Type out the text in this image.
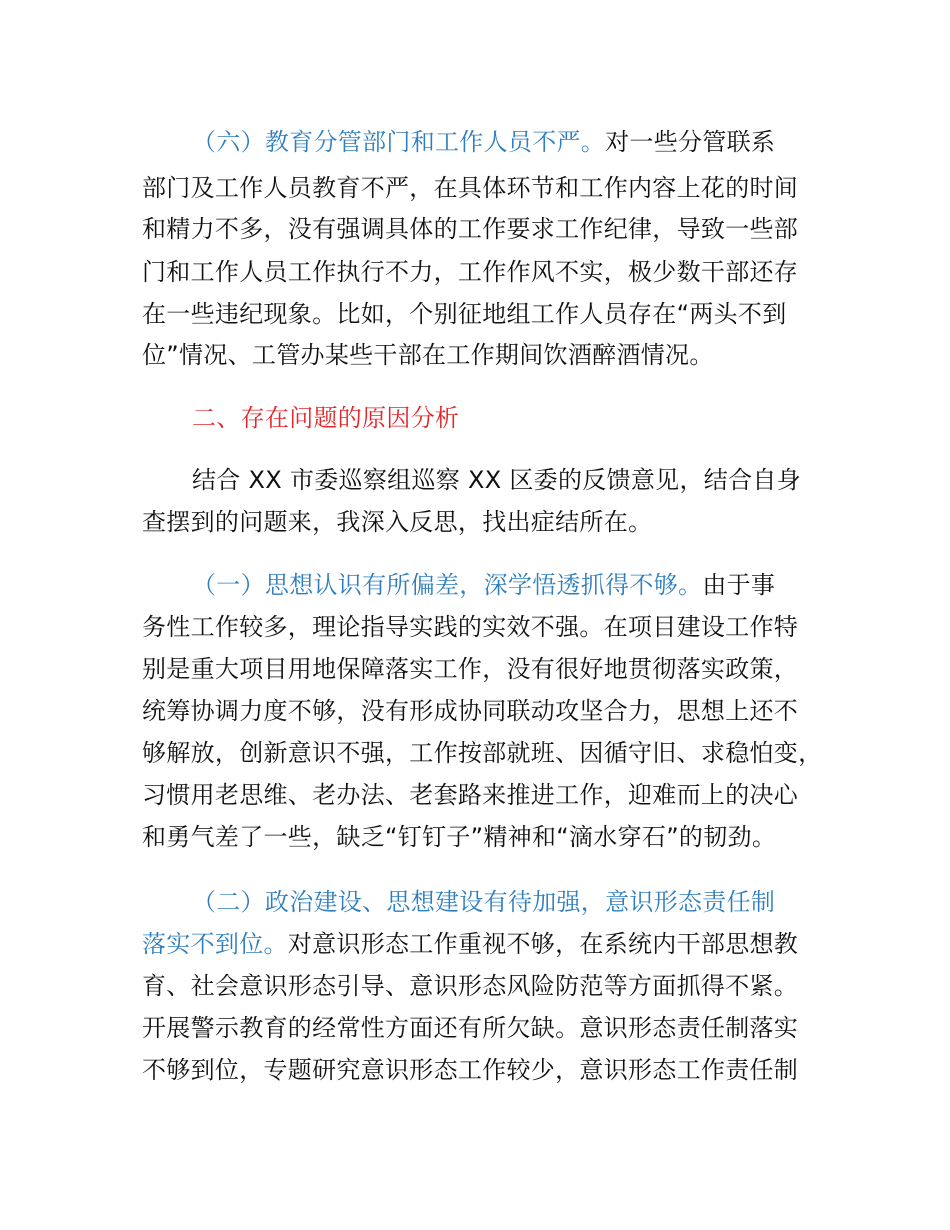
（六）教育分管部门和工作人员不严。对一些分管联系
部门及工作人员教育不严，在具体环节和工作内容上花的时间
和精力不多，没有强调具体的工作要求工作纪律，导致一些部
门和工作人员工作执行不力，工作作风不实，极少数干部还存
在一些违纪现象。比如，个别征地组工作人员存在“两头不到
位”情况、工管办某些干部在工作期间饮酒醉酒情况。
二、存在问题的原因分析
结合 XX 市委巡察组巡察 XX 区委的反馈意见，结合自身
查摆到的问题来，我深入反思，找出症结所在。
（一）思想认识有所偏差，深学悟透抓得不够。由于事
务性工作较多，理论指导实践的实效不强。在项目建设工作特
别是重大项目用地保障落实工作，没有很好地贯彻落实政策，
统筹协调力度不够，没有形成协同联动攻坚合力，思想上还不
够解放，创新意识不强，工作按部就班、因循守旧、求稳怕变，
习惯用老思维、老办法、老套路来推进工作，迎难而上的决心
和勇气差了一些，缺乏“钉钉子”精神和“滴水穿石”的韧劲。
（二）政治建设、思想建设有待加强，意识形态责任制
落实不到位。对意识形态工作重视不够，在系统内干部思想教
育、社会意识形态引导、意识形态风险防范等方面抓得不紧。
开展警示教育的经常性方面还有所欠缺。意识形态责任制落实
不够到位，专题研究意识形态工作较少，意识形态工作责任制
